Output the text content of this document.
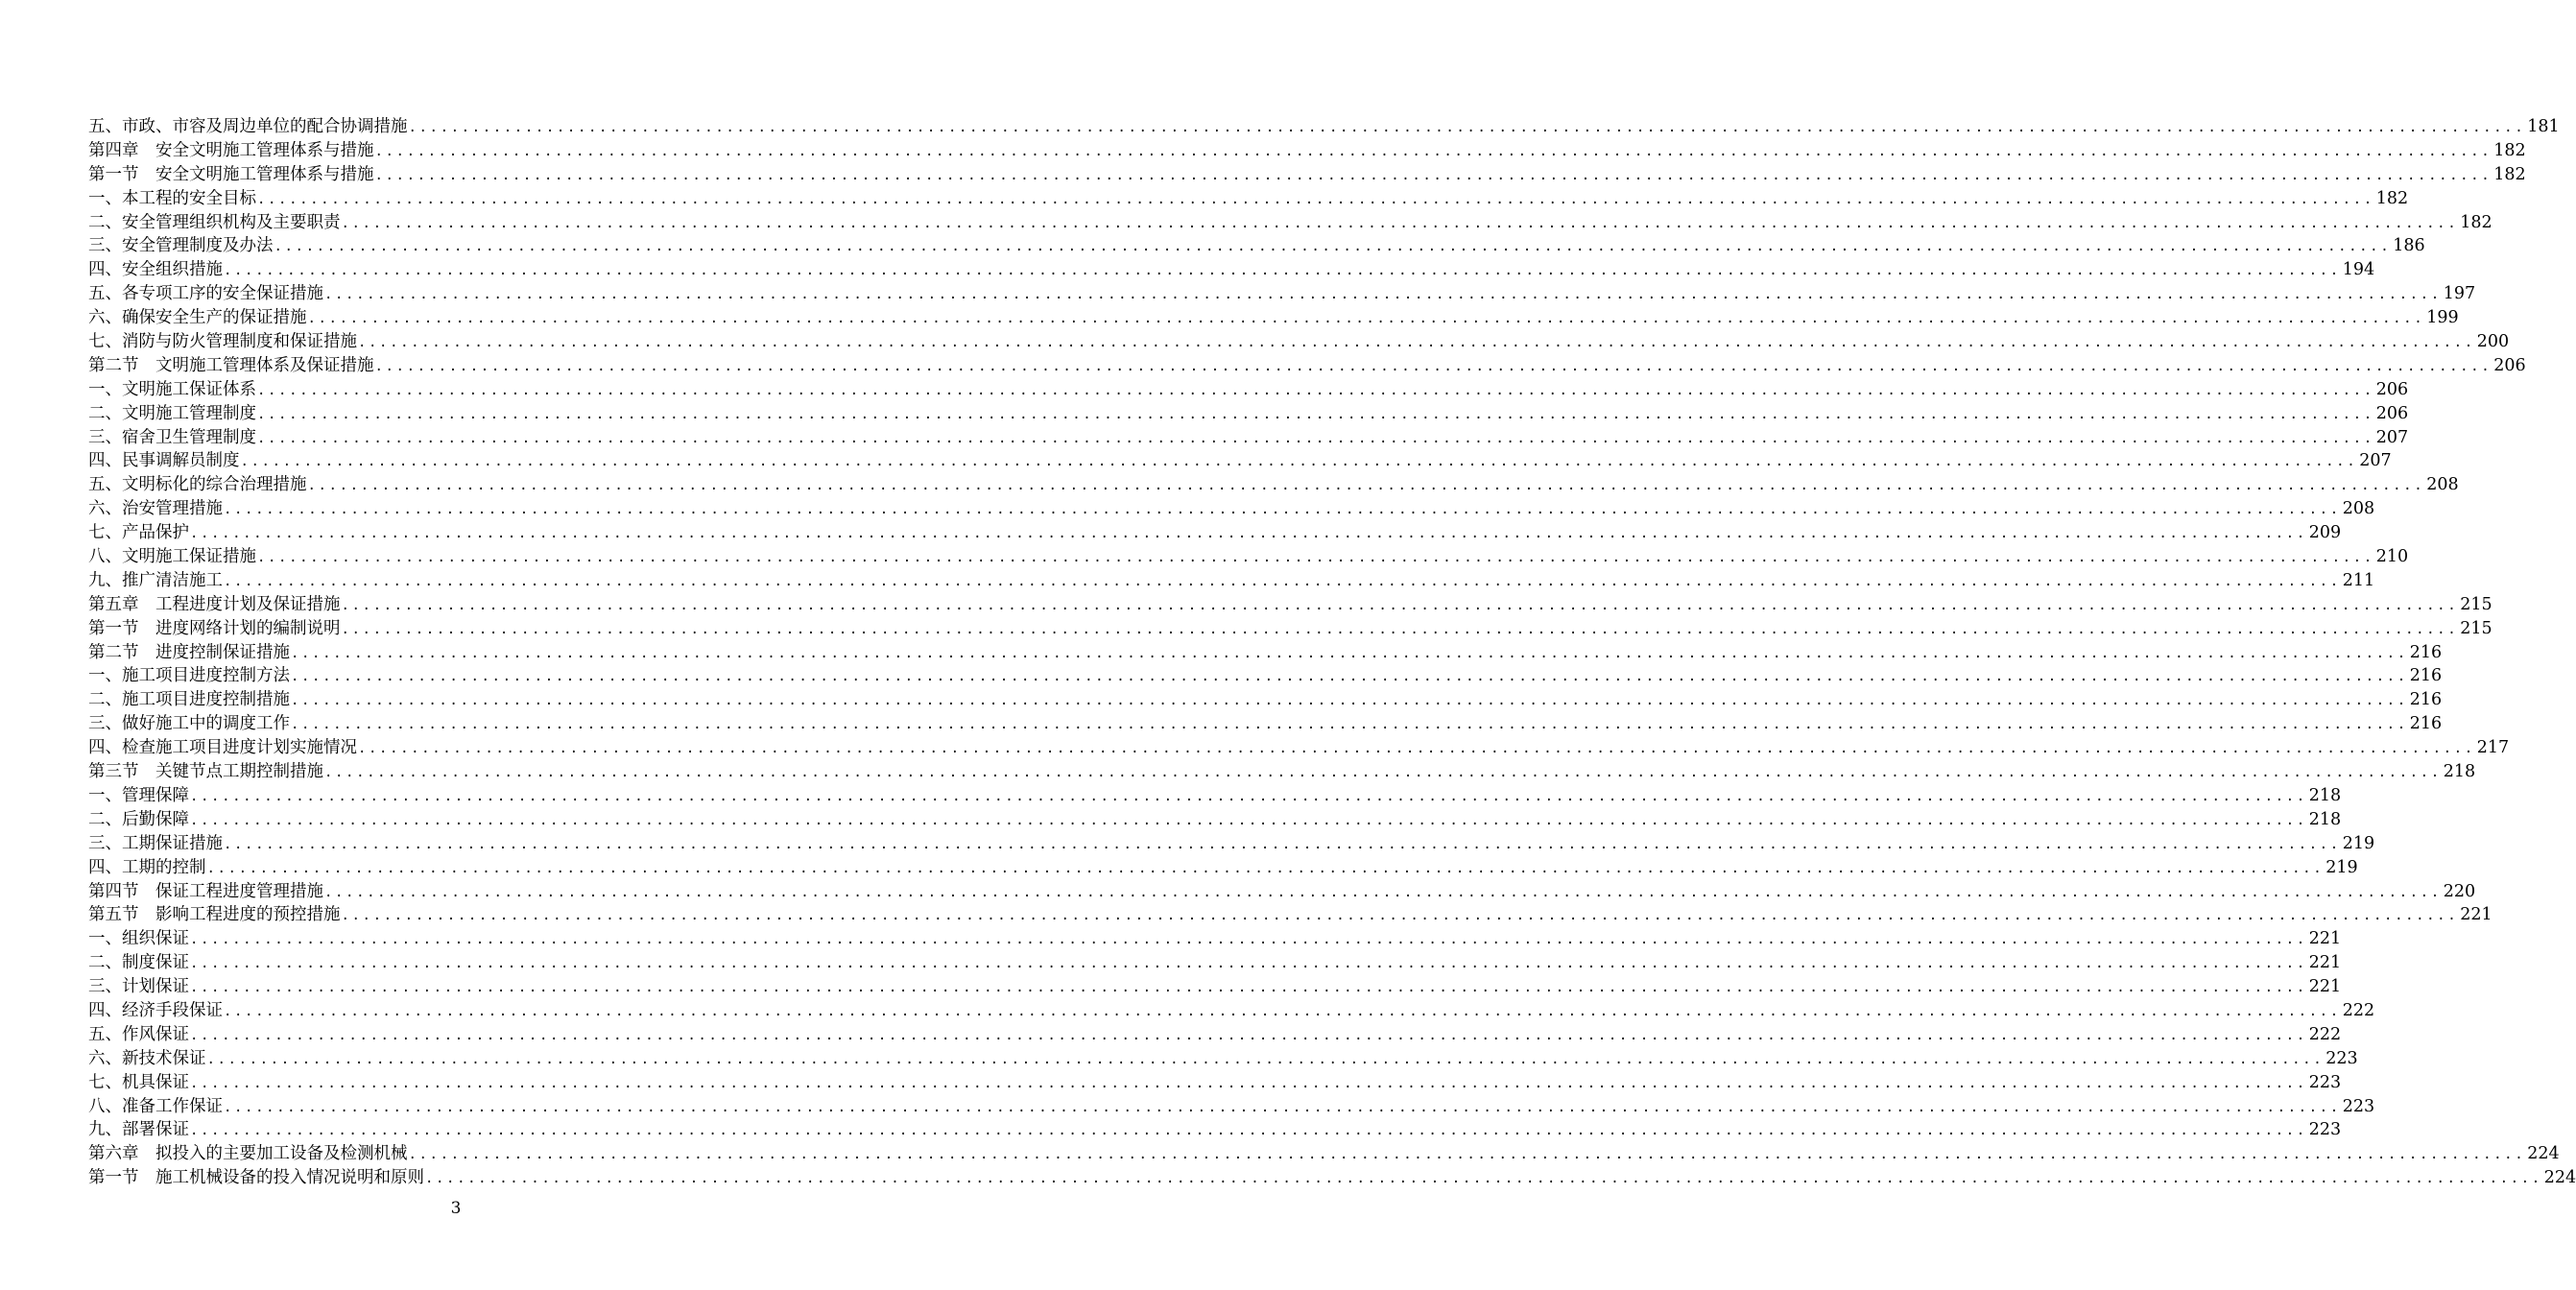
五、市政、市容及周边单位的配合协调措施 ........................................................................................................................................................................................................ 181
第四章　安全文明施工管理体系与措施 ........................................................................................................................................................................................................ 182
第一节　安全文明施工管理体系与措施 ........................................................................................................................................................................................................ 182
一、本工程的安全目标 ........................................................................................................................................................................................................ 182
二、安全管理组织机构及主要职责 ........................................................................................................................................................................................................ 182
三、安全管理制度及办法 ........................................................................................................................................................................................................ 186
四、安全组织措施 ........................................................................................................................................................................................................ 194
五、各专项工序的安全保证措施 ........................................................................................................................................................................................................ 197
六、确保安全生产的保证措施 ........................................................................................................................................................................................................ 199
七、消防与防火管理制度和保证措施 ........................................................................................................................................................................................................ 200
第二节　文明施工管理体系及保证措施 ........................................................................................................................................................................................................ 206
一、文明施工保证体系 ........................................................................................................................................................................................................ 206
二、文明施工管理制度 ........................................................................................................................................................................................................ 206
三、宿舍卫生管理制度 ........................................................................................................................................................................................................ 207
四、民事调解员制度 ........................................................................................................................................................................................................ 207
五、文明标化的综合治理措施 ........................................................................................................................................................................................................ 208
六、治安管理措施 ........................................................................................................................................................................................................ 208
七、产品保护 ........................................................................................................................................................................................................ 209
八、文明施工保证措施 ........................................................................................................................................................................................................ 210
九、推广清洁施工 ........................................................................................................................................................................................................ 211
第五章　工程进度计划及保证措施 ........................................................................................................................................................................................................ 215
第一节　进度网络计划的编制说明 ........................................................................................................................................................................................................ 215
第二节　进度控制保证措施 ........................................................................................................................................................................................................ 216
一、施工项目进度控制方法 ........................................................................................................................................................................................................ 216
二、施工项目进度控制措施 ........................................................................................................................................................................................................ 216
三、做好施工中的调度工作 ........................................................................................................................................................................................................ 216
四、检查施工项目进度计划实施情况 ........................................................................................................................................................................................................ 217
第三节　关键节点工期控制措施 ........................................................................................................................................................................................................ 218
一、管理保障 ........................................................................................................................................................................................................ 218
二、后勤保障 ........................................................................................................................................................................................................ 218
三、工期保证措施 ........................................................................................................................................................................................................ 219
四、工期的控制 ........................................................................................................................................................................................................ 219
第四节　保证工程进度管理措施 ........................................................................................................................................................................................................ 220
第五节　影响工程进度的预控措施 ........................................................................................................................................................................................................ 221
一、组织保证 ........................................................................................................................................................................................................ 221
二、制度保证 ........................................................................................................................................................................................................ 221
三、计划保证 ........................................................................................................................................................................................................ 221
四、经济手段保证 ........................................................................................................................................................................................................ 222
五、作风保证 ........................................................................................................................................................................................................ 222
六、新技术保证 ........................................................................................................................................................................................................ 223
七、机具保证 ........................................................................................................................................................................................................ 223
八、准备工作保证 ........................................................................................................................................................................................................ 223
九、部署保证 ........................................................................................................................................................................................................ 223
第六章　拟投入的主要加工设备及检测机械 ........................................................................................................................................................................................................ 224
第一节　施工机械设备的投入情况说明和原则 ........................................................................................................................................................................................................ 224
3
